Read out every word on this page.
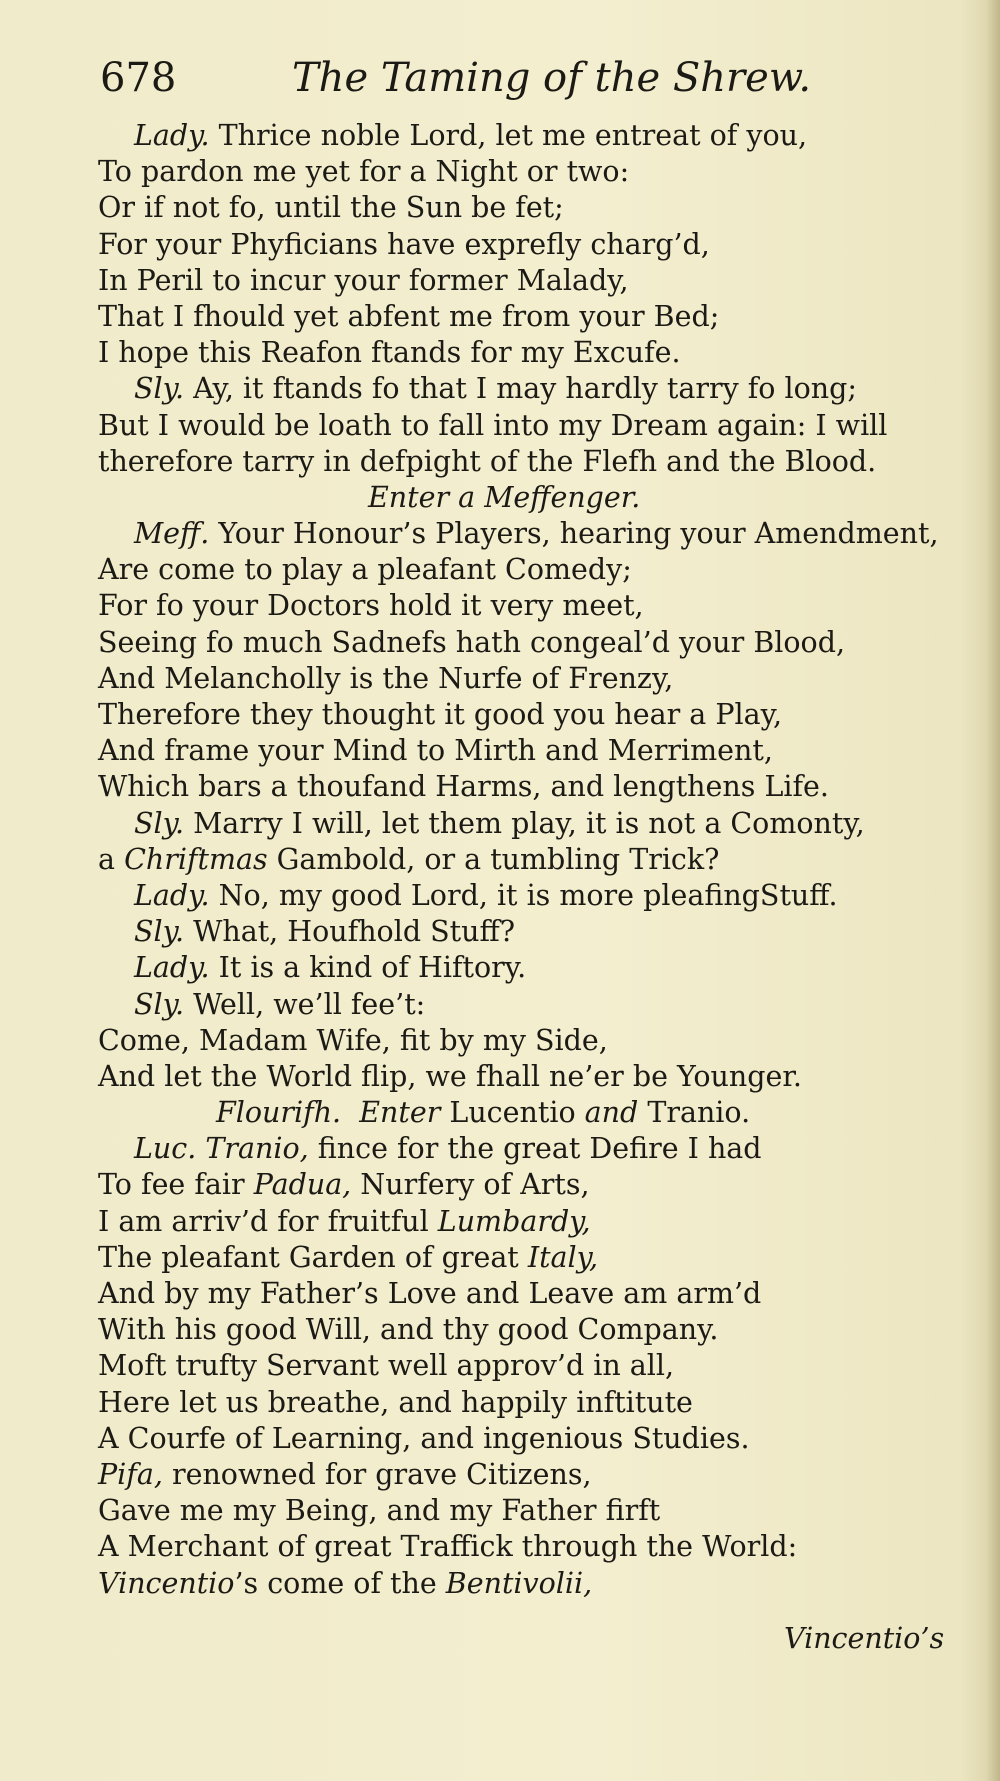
678	The Taming of the Shrew.
Lady. Thrice noble Lord, let me entreat of you,
To pardon me yet for a Night or two:
Or if not fo, until the Sun be fet;
For your Phyficians have exprefly charg’d,
In Peril to incur your former Malady,
That I fhould yet abfent me from your Bed;
I hope this Reafon ftands for my Excufe.
Sly. Ay, it ftands fo that I may hardly tarry fo long;
But I would be loath to fall into my Dream again: I will
therefore tarry in defpight of the Flefh and the Blood.
Enter a Meffenger.
Meff. Your Honour’s Players, hearing your Amendment,
Are come to play a pleafant Comedy;
For fo your Doctors hold it very meet,
Seeing fo much Sadnefs hath congeal’d your Blood,
And Melancholly is the Nurfe of Frenzy,
Therefore they thought it good you hear a Play,
And frame your Mind to Mirth and Merriment,
Which bars a thoufand Harms, and lengthens Life.
Sly. Marry I will, let them play, it is not a Comonty,
a Chriftmas Gambold, or a tumbling Trick?
Lady. No, my good Lord, it is more pleafingStuff.
Sly. What, Houfhold Stuff?
Lady. It is a kind of Hiftory.
Sly. Well, we’ll fee’t:
Come, Madam Wife, fit by my Side,
And let the World flip, we fhall ne’er be Younger.
Flourifh. Enter Lucentio and Tranio.
Luc. Tranio, fince for the great Defire I had
To fee fair Padua, Nurfery of Arts,
I am arriv’d for fruitful Lumbardy,
The pleafant Garden of great Italy,
And by my Father’s Love and Leave am arm’d
With his good Will, and thy good Company.
Moft trufty Servant well approv’d in all,
Here let us breathe, and happily inftitute
A Courfe of Learning, and ingenious Studies.
Pifa, renowned for grave Citizens,
Gave me my Being, and my Father firft
A Merchant of great Traffick through the World:
Vincentio’s come of the Bentivolii,
Vincentio’s
